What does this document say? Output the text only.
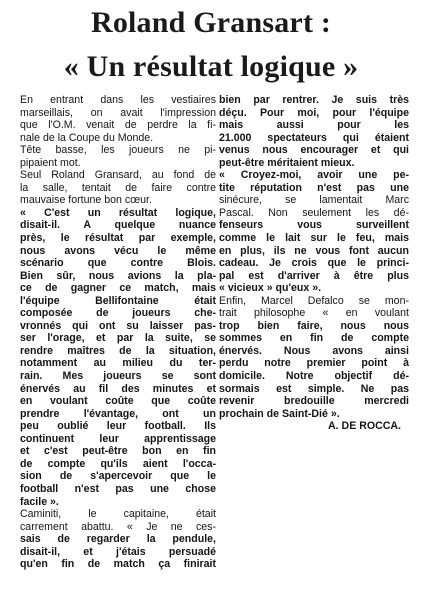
Roland Gransart :
« Un résultat logique »
En entrant dans les vestiaires
marseillais, on avait l'impression
que l'O.M. venait de perdre la fi-
nale de la Coupe du Monde.
Tête basse, les joueurs ne pi-
pipaient mot.
Seul Roland Gransard, au fond de
la salle, tentait de faire contre
mauvaise fortune bon cœur.
« C'est un résultat logique,
disait-il. A quelque nuance
près, le résultat par exemple,
nous avons vécu le même
scénario que contre Blois.
Bien sûr, nous avions la pla-
ce de gagner ce match, mais
l'équipe Bellifontaine était
composée de joueurs che-
vronnés qui ont su laisser pas-
ser l'orage, et par la suite, se
rendre maîtres de la situation,
notamment au milieu du ter-
rain. Mes joueurs se sont
énervés au fil des minutes et
en voulant coûte que coûte
prendre l'évantage, ont un
peu oublié leur football. Ils
continuent leur apprentissage
et c'est peut-être bon en fin
de compte qu'ils aient l'occa-
sion de s'apercevoir que le
football n'est pas une chose
facile ».
Caminiti, le capitaine, était
carrement abattu. « Je ne ces-
sais de regarder la pendule,
disait-il, et j'étais persuadé
qu'en fin de match ça finirait
bien par rentrer. Je suis très
déçu. Pour moi, pour l'équipe
mais aussi pour les
21.000 spectateurs qui étaient
venus nous encourager et qui
peut-être méritaient mieux.
« Croyez-moi, avoir une pe-
tite réputation n'est pas une
sinécure, se lamentait Marc
Pascal. Non seulement les dé-
fenseurs vous surveillent
comme le lait sur le feu, mais
en plus, ils ne vous font aucun
cadeau. Je crois que le princi-
pal est d'arriver à être plus
« vicieux » qu'eux ».
Enfin, Marcel Defalco se mon-
trait philosophe « en voulant
trop bien faire, nous nous
sommes en fin de compte
énervés. Nous avons ainsi
perdu notre premier point à
domicile. Notre objectif dé-
sormais est simple. Ne pas
revenir bredouille mercredi
prochain de Saint-Dié ».
A. DE ROCCA.
